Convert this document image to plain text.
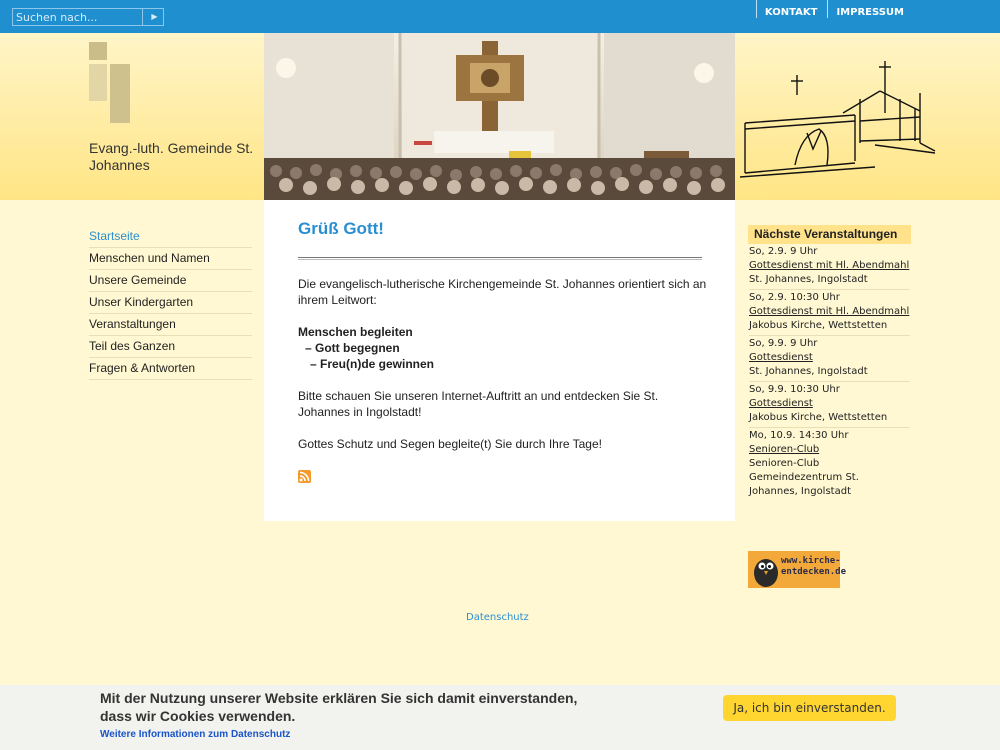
Suchen nach...
▶	KONTAKT	IMPRESSUM
Evang.-luth. Gemeinde St. Johannes
Startseite
Menschen und Namen
Unsere Gemeinde
Unser Kindergarten
Veranstaltungen
Teil des Ganzen
Fragen & Antworten
Grüß Gott!

Die evangelisch-lutherische Kirchengemeinde St. Johannes orientiert sich an ihrem Leitwort:

Menschen begleiten
– Gott begegnen
– Freu(n)de gewinnen

Bitte schauen Sie unseren Internet-Auftritt an und entdecken Sie St. Johannes in Ingolstadt!

Gottes Schutz und Segen begleite(t) Sie durch Ihre Tage!

Nächste Veranstaltungen
So, 2.9. 9 Uhr
Gottesdienst mit Hl. Abendmahl
St. Johannes, Ingolstadt
So, 2.9. 10:30 Uhr
Gottesdienst mit Hl. Abendmahl
Jakobus Kirche, Wettstetten
So, 9.9. 9 Uhr
Gottesdienst
St. Johannes, Ingolstadt
So, 9.9. 10:30 Uhr
Gottesdienst
Jakobus Kirche, Wettstetten
Mo, 10.9. 14:30 Uhr
Senioren-Club
Senioren-Club Gemeindezentrum St. Johannes, Ingolstadt
www.kirche-
entdecken.de
Datenschutz
Mit der Nutzung unserer Website erklären Sie sich damit einverstanden,
dass wir Cookies verwenden.
Weitere Informationen zum Datenschutz
Ja, ich bin einverstanden.
